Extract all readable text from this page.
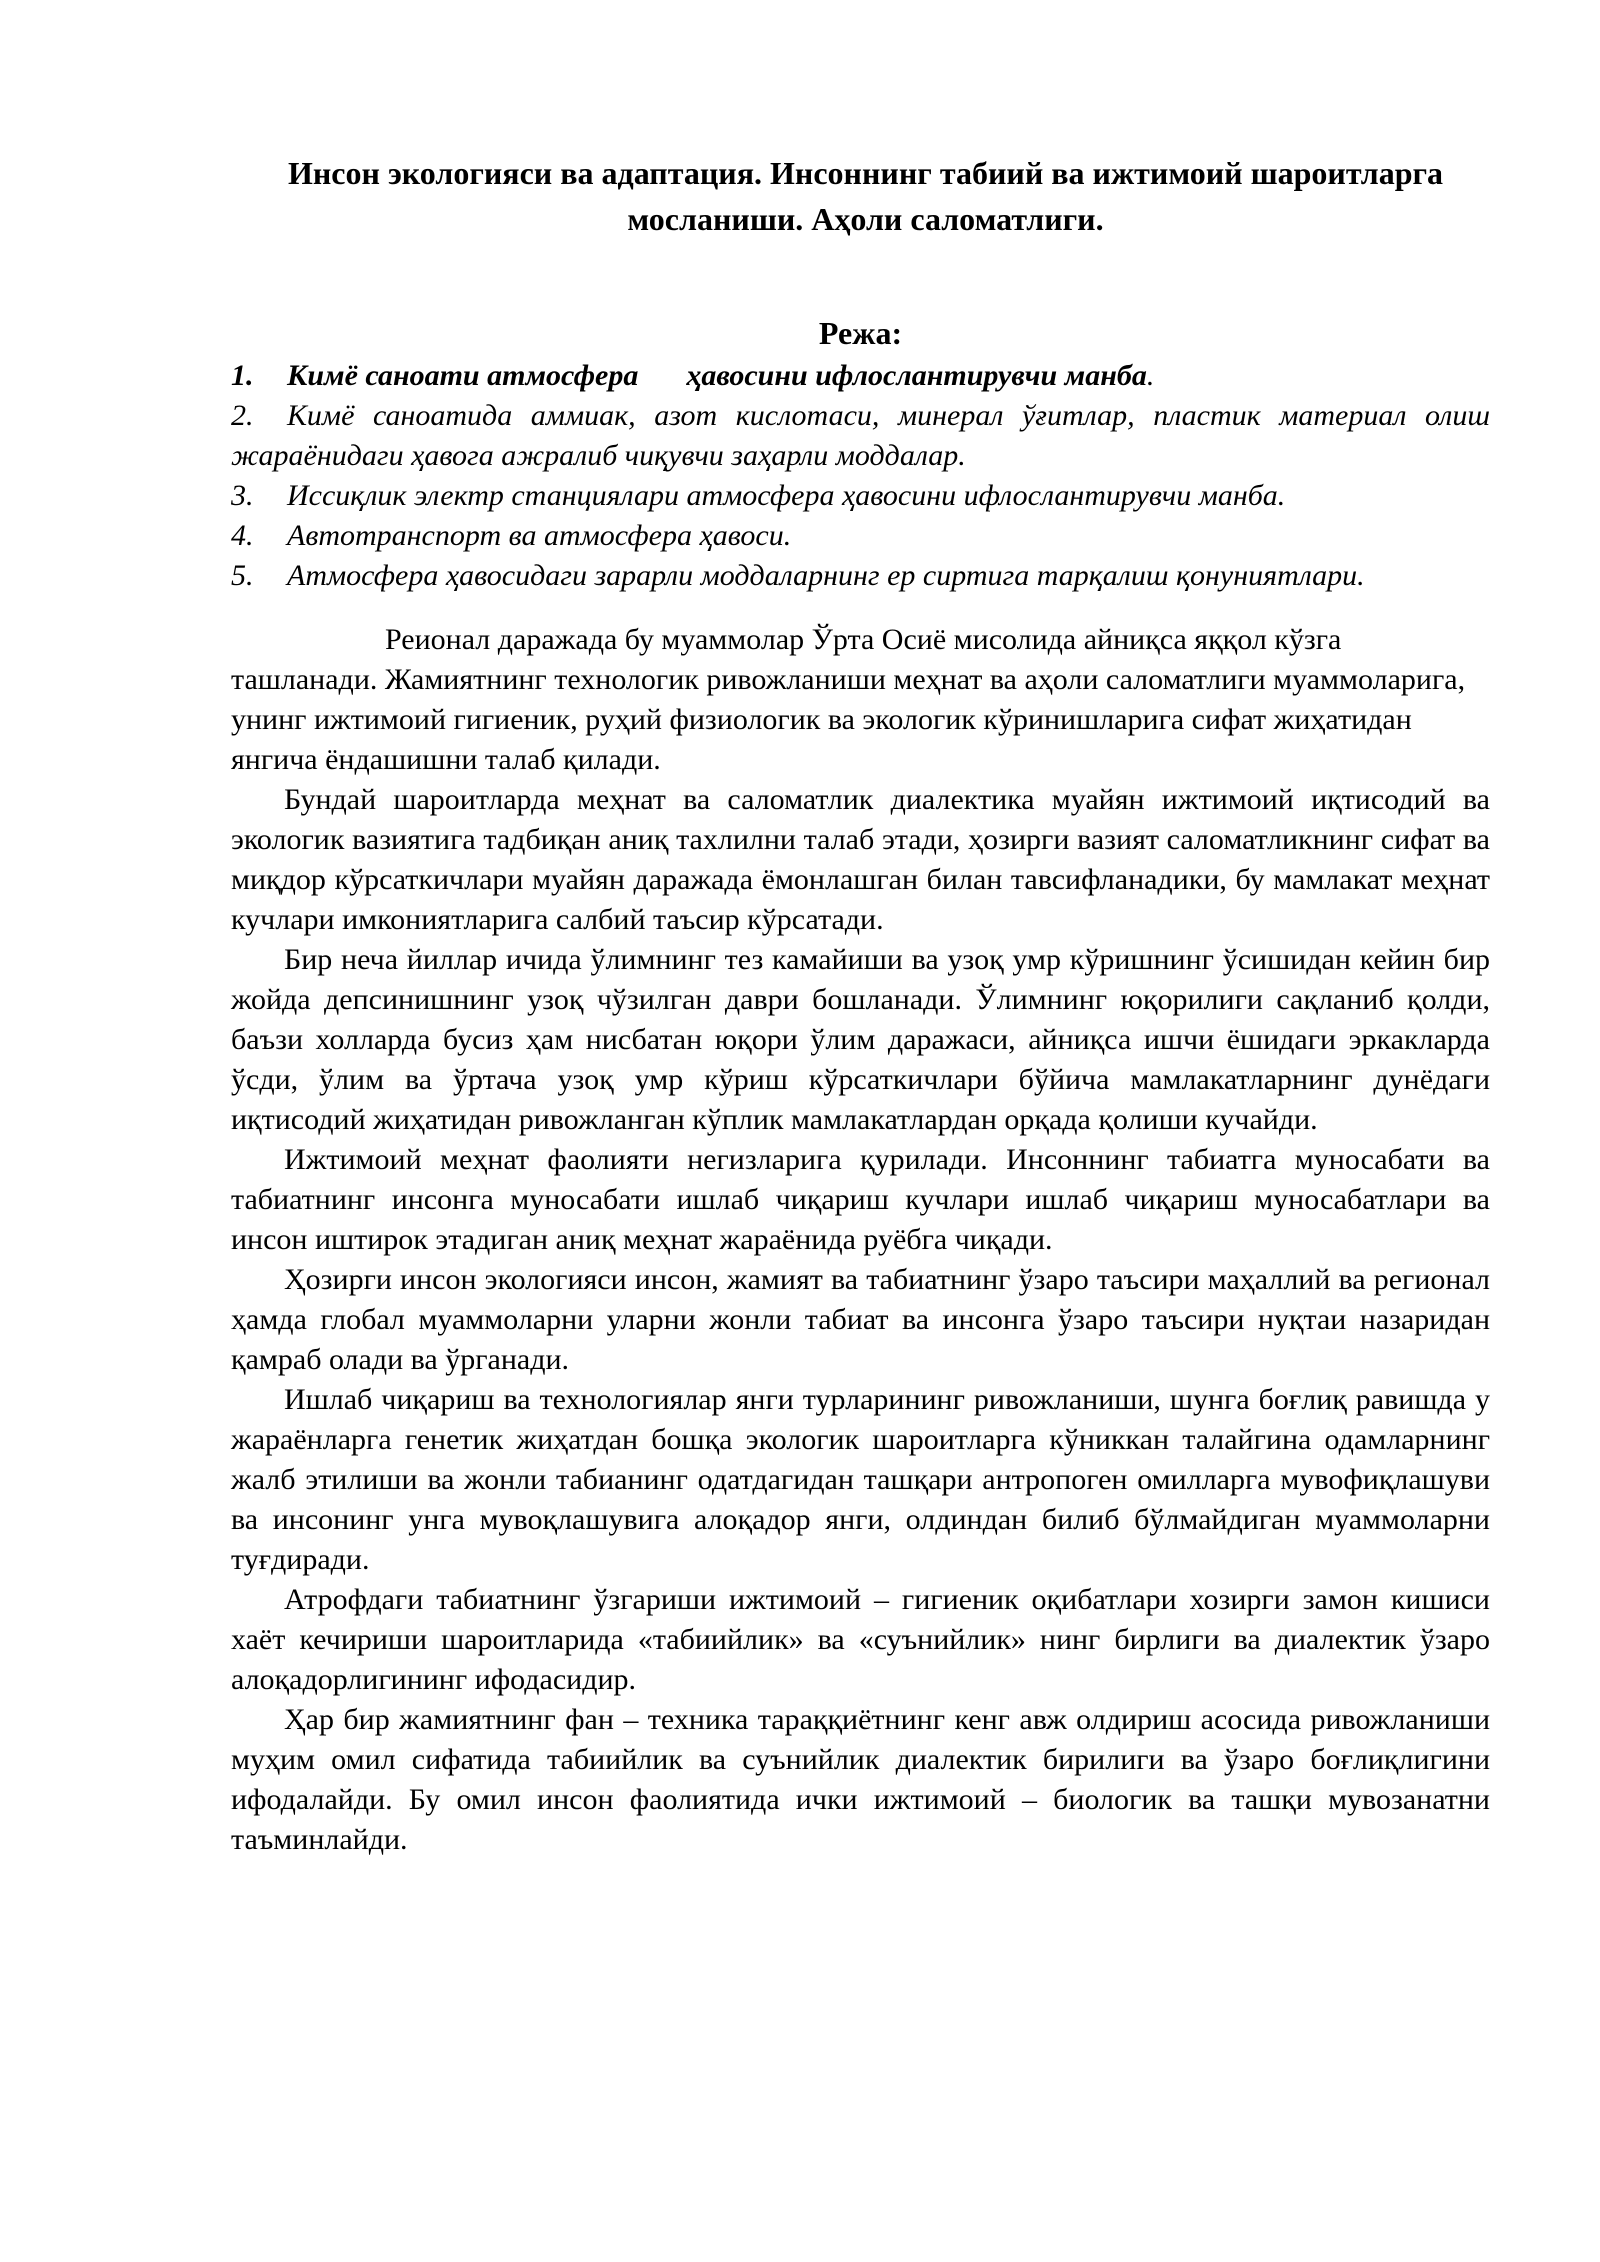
Инсон экологияси ва адаптация. Инсоннинг табиий ва ижтимоий шароитларга мосланиши. Аҳоли саломатлиги.
Режа:
1. Кимё саноати атмосфера ҳавосини ифлослантирувчи манба.
2. Кимё саноатида аммиак, азот кислотаси, минерал ўғитлар, пластик материал олиш жараёнидаги ҳавога ажралиб чиқувчи заҳарли моддалар.
3. Иссиқлик электр станциялари атмосфера ҳавосини ифлослантирувчи манба.
4. Автотранспорт ва атмосфера ҳавоси.
5. Атмосфера ҳавосидаги зарарли моддаларнинг ер сиртига тарқалиш қонуниятлари.

Реионал даражада бу муаммолар Ўрта Осиё мисолида айниқса яққол кўзга ташланади. Жамиятнинг технологик ривожланиши меҳнат ва аҳоли саломатлиги муаммоларига, унинг ижтимоий гигиеник, руҳий физиологик ва экологик кўринишларига сифат жиҳатидан янгича ёндашишни талаб қилади.

Бундай шароитларда меҳнат ва саломатлик диалектика муайян ижтимоий иқтисодий ва экологик вазиятига тадбиқан аниқ тахлилни талаб этади, ҳозирги вазият саломатликнинг сифат ва миқдор кўрсаткичлари муайян даражада ёмонлашган билан тавсифланадики, бу мамлакат меҳнат кучлари имкониятларига салбий таъсир кўрсатади.

Бир неча йиллар ичида ўлимнинг тез камайиши ва узоқ умр кўришнинг ўсишидан кейин бир жойда депсинишнинг узоқ чўзилган даври бошланади. Ўлимнинг юқорилиги сақланиб қолди, баъзи холларда бусиз ҳам нисбатан юқори ўлим даражаси, айниқса ишчи ёшидаги эркакларда ўсди, ўлим ва ўртача узоқ умр кўриш кўрсаткичлари бўйича мамлакатларнинг дунёдаги иқтисодий жиҳатидан ривожланган кўплик мамлакатлардан орқада қолиши кучайди.

Ижтимоий меҳнат фаолияти негизларига қурилади. Инсоннинг табиатга муносабати ва табиатнинг инсонга муносабати ишлаб чиқариш кучлари ишлаб чиқариш муносабатлари ва инсон иштирок этадиган аниқ меҳнат жараёнида руёбга чиқади.

Ҳозирги инсон экологияси инсон, жамият ва табиатнинг ўзаро таъсири маҳаллий ва регионал ҳамда глобал муаммоларни уларни жонли табиат ва инсонга ўзаро таъсири нуқтаи назаридан қамраб олади ва ўрганади.

Ишлаб чиқариш ва технологиялар янги турларининг ривожланиши, шунга боғлиқ равишда у жараёнларга генетик жиҳатдан бошқа экологик шароитларга кўниккан талайгина одамларнинг жалб этилиши ва жонли табианинг одатдагидан ташқари антропоген омилларга мувофиқлашуви ва инсонинг унга мувоқлашувига алоқадор янги, олдиндан билиб бўлмайдиган муаммоларни туғдиради.

Атрофдаги табиатнинг ўзгариши ижтимоий – гигиеник оқибатлари хозирги замон кишиси хаёт кечириши шароитларида «табиийлик» ва «суънийлик» нинг бирлиги ва диалектик ўзаро алоқадорлигининг ифодасидир.

Ҳар бир жамиятнинг фан – техника тараққиётнинг кенг авж олдириш асосида ривожланиши муҳим омил сифатида табиийлик ва суънийлик диалектик бирилиги ва ўзаро боғлиқлигини ифодалайди. Бу омил инсон фаолиятида ички ижтимоий – биологик ва ташқи мувозанатни таъминлайди.
